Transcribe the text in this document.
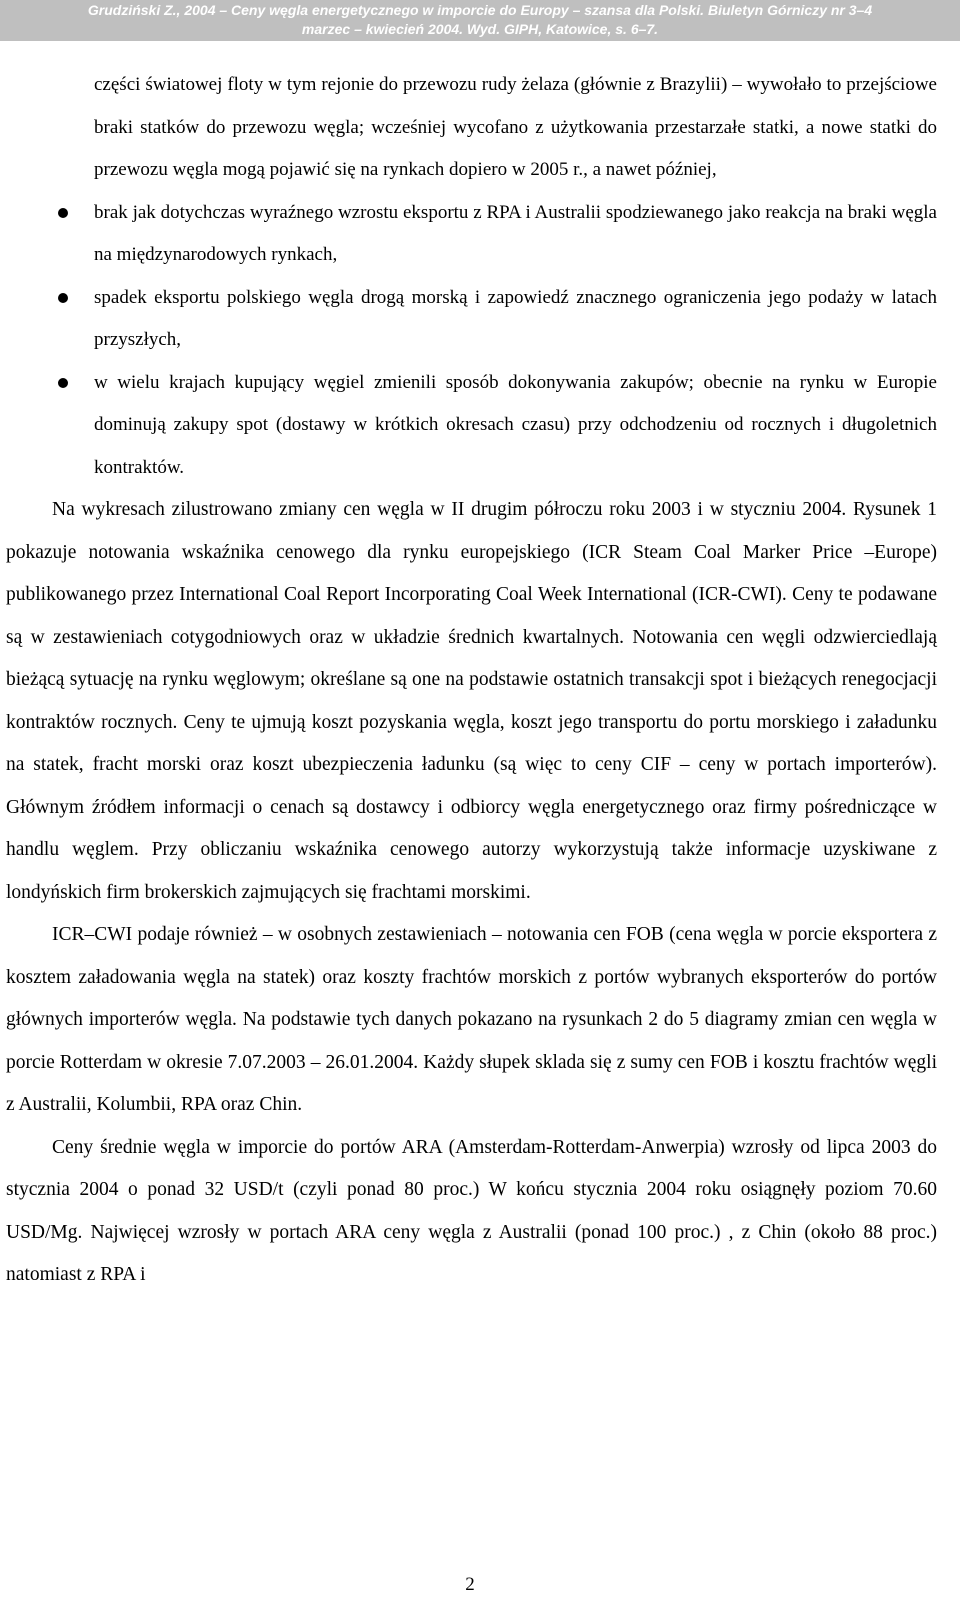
Grudziński Z., 2004 – Ceny węgla energetycznego w imporcie do Europy – szansa dla Polski. Biuletyn Górniczy nr 3–4
marzec – kwiecień 2004. Wyd. GIPH, Katowice, s. 6–7.
części światowej floty w tym rejonie do przewozu rudy żelaza (głównie z Brazylii) – wywołało to przejściowe braki statków do przewozu węgla; wcześniej wycofano z użytkowania przestarzałe statki, a nowe statki do przewozu węgla mogą pojawić się na rynkach dopiero w 2005 r., a nawet później,
brak jak dotychczas wyraźnego wzrostu eksportu z RPA i Australii spodziewanego jako reakcja na braki węgla na międzynarodowych rynkach,
spadek eksportu polskiego węgla drogą morską i zapowiedź znacznego ograniczenia jego podaży w latach przyszłych,
w wielu krajach kupujący węgiel zmienili sposób dokonywania zakupów; obecnie na rynku w Europie dominują zakupy spot (dostawy w krótkich okresach czasu) przy odchodzeniu od rocznych i długoletnich kontraktów.

Na wykresach zilustrowano zmiany cen węgla w II drugim półroczu roku 2003 i w styczniu 2004. Rysunek 1 pokazuje notowania wskaźnika cenowego dla rynku europejskiego (ICR Steam Coal Marker Price –Europe) publikowanego przez International Coal Report Incorporating Coal Week International (ICR-CWI). Ceny te podawane są w zestawieniach cotygodniowych oraz w układzie średnich kwartalnych. Notowania cen węgli odzwierciedlają bieżącą sytuację na rynku węglowym; określane są one na podstawie ostatnich transakcji spot i bieżących renegocjacji kontraktów rocznych. Ceny te ujmują koszt pozyskania węgla, koszt jego transportu do portu morskiego i załadunku na statek, fracht morski oraz koszt ubezpieczenia ładunku (są więc to ceny CIF – ceny w portach importerów). Głównym źródłem informacji o cenach są dostawcy i odbiorcy węgla energetycznego oraz firmy pośredniczące w handlu węglem. Przy obliczaniu wskaźnika cenowego autorzy wykorzystują także informacje uzyskiwane z londyńskich firm brokerskich zajmujących się frachtami morskimi.

ICR–CWI podaje również – w osobnych zestawieniach – notowania cen FOB (cena węgla w porcie eksportera z kosztem załadowania węgla na statek) oraz koszty frachtów morskich z portów wybranych eksporterów do portów głównych importerów węgla. Na podstawie tych danych pokazano na rysunkach 2 do 5 diagramy zmian cen węgla w porcie Rotterdam w okresie 7.07.2003 – 26.01.2004. Każdy słupek sklada się z sumy cen FOB i kosztu frachtów węgli z Australii, Kolumbii, RPA oraz Chin.

Ceny średnie węgla w imporcie do portów ARA (Amsterdam-Rotterdam-Anwerpia) wzrosły od lipca 2003 do stycznia 2004 o ponad 32 USD/t (czyli ponad 80 proc.) W końcu stycznia 2004 roku osiągnęły poziom 70.60 USD/Mg. Najwięcej wzrosły w portach ARA ceny węgla z Australii (ponad 100 proc.) , z Chin (około 88 proc.) natomiast z RPA i

2
